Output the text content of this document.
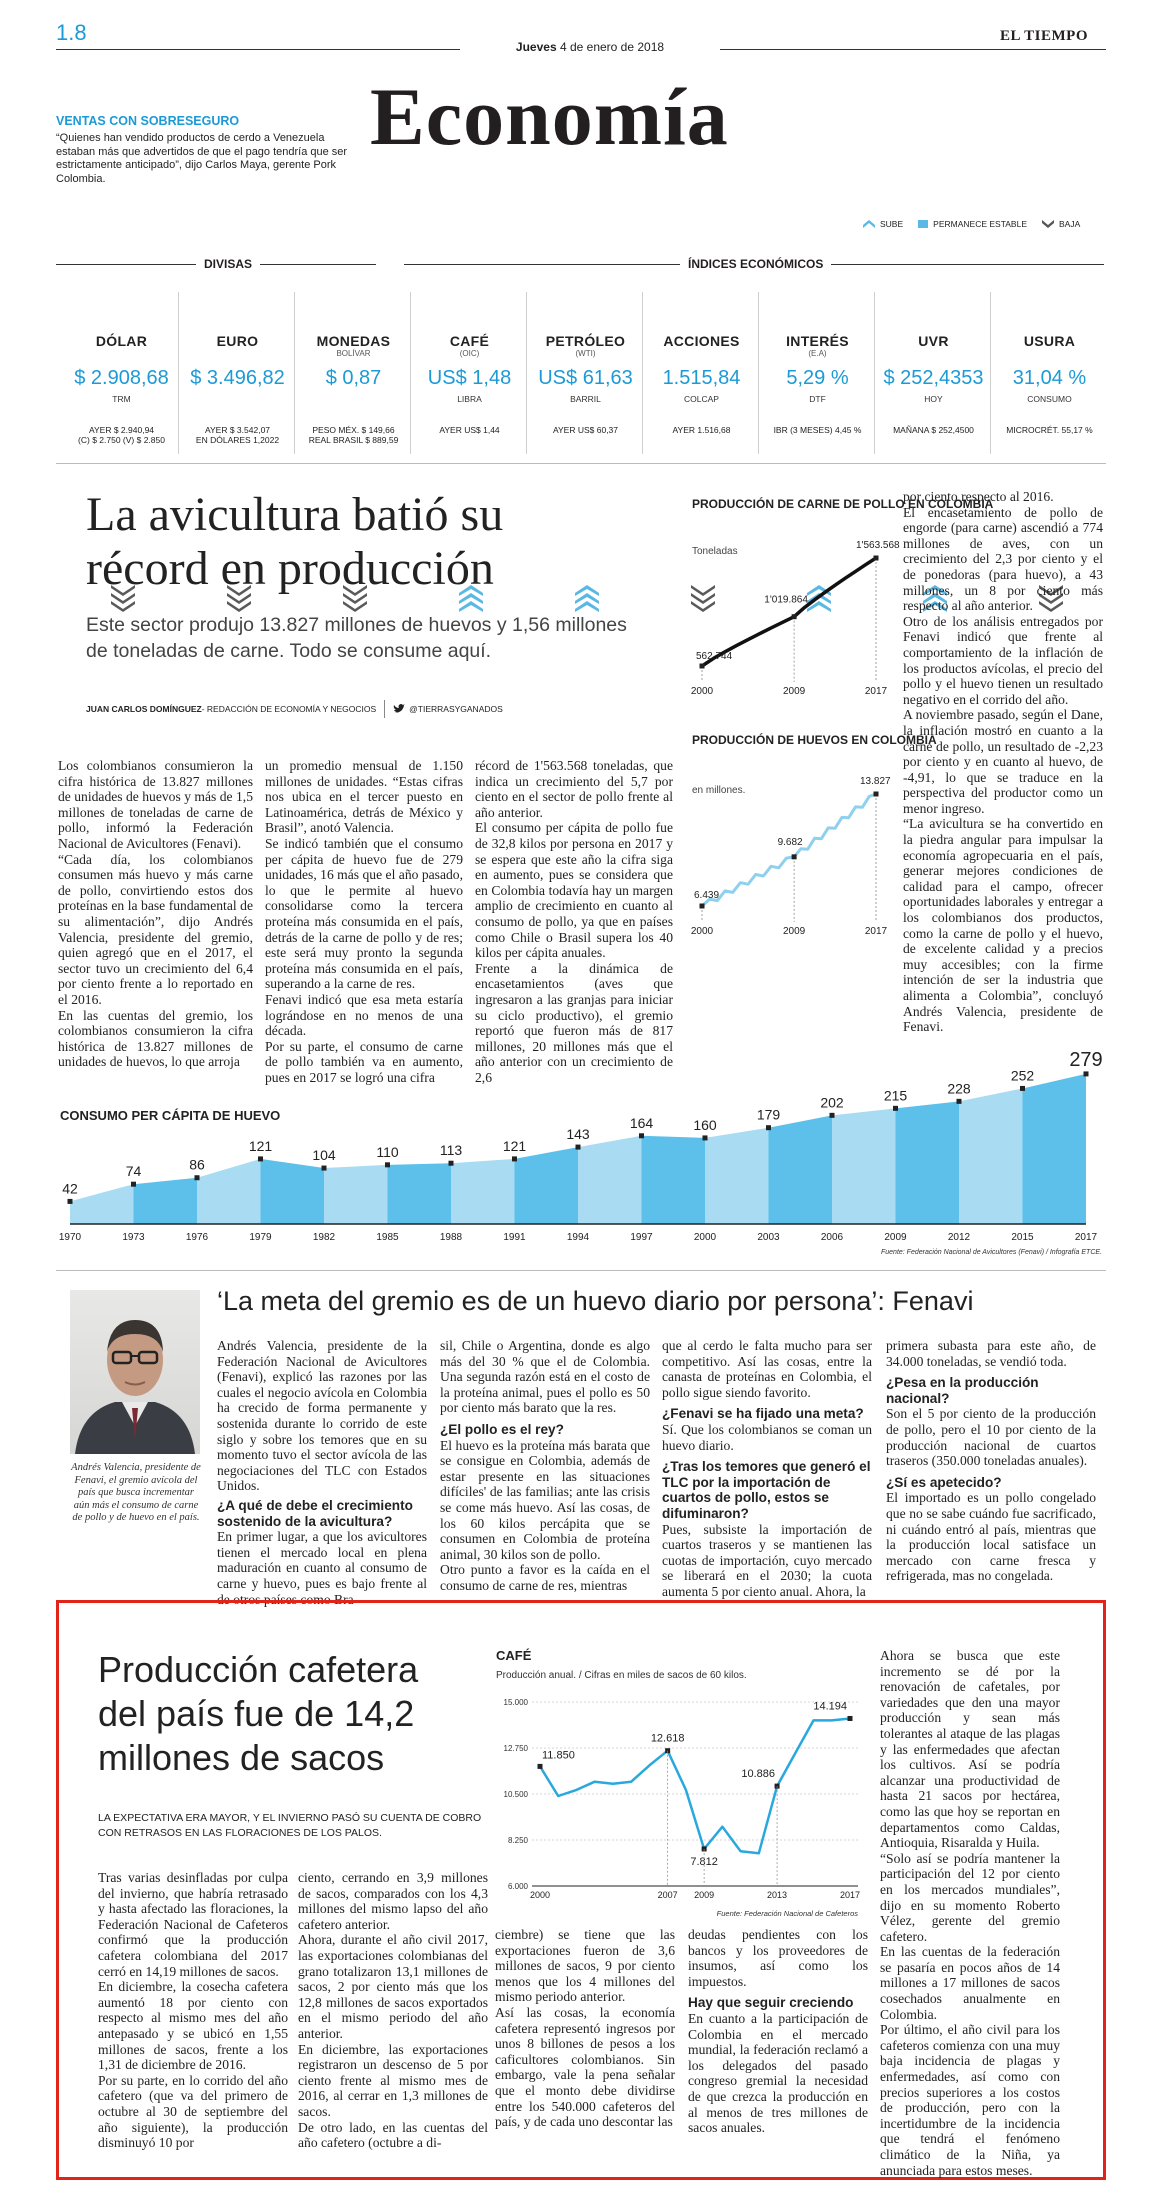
1.8
Jueves 4 de enero de 2018
EL TIEMPO
Economía
VENTAS CON SOBRESEGURO
“Quienes han vendido productos de cerdo a Venezuela estaban más que advertidos de que el pago tendría que ser estrictamente anticipado”, dijo Carlos Maya, gerente Pork Colombia.
SUBE	PERMANECE ESTABLE	BAJA
DIVISAS	ÍNDICES ECONÓMICOS
DÓLAR
$ 2.908,68
TRM
AYER $ 2.940,94
(C) $ 2.750 (V) $ 2.850
EURO
$ 3.496,82
AYER $ 3.542,07
EN DÓLARES 1,2022
MONEDAS
BOLÍVAR
$ 0,87
PESO MÉX. $ 149,66
REAL BRASIL $ 889,59
CAFÉ
(OIC)
US$ 1,48
LIBRA
AYER US$ 1,44
PETRÓLEO
(WTI)
US$ 61,63
BARRIL
AYER US$ 60,37
ACCIONES
1.515,84
COLCAP
AYER 1.516,68
INTERÉS
(E.A)
5,29 %
DTF
IBR (3 MESES) 4,45 %
UVR
$ 252,4353
HOY
MAÑANA $ 252,4500
USURA
31,04 %
CONSUMO
MICROCRÉT. 55,17 %
La avicultura batió su
récord en producción
Este sector produjo 13.827 millones de huevos y 1,56 millones de toneladas de carne. Todo se consume aquí.
JUAN CARLOS DOMÍNGUEZ - REDACCIÓN DE ECONOMÍA Y NEGOCIOS	@TIERRASYGANADOS
Los colombianos consumieron la cifra histórica de 13.827 millones de unidades de huevos y más de 1,5 millones de toneladas de carne de pollo, informó la Federación Nacional de Avicultores (Fenavi).
“Cada día, los colombianos consumen más huevo y más carne de pollo, convirtiendo estos dos proteínas en la base fundamental de su alimentación”, dijo Andrés Valencia, presidente del gremio, quien agregó que en el 2017, el sector tuvo un crecimiento del 6,4 por ciento frente a lo reportado en el 2016.
En las cuentas del gremio, los colombianos consumieron la cifra histórica de 13.827 millones de unidades de huevos, lo que arroja
un promedio mensual de 1.150 millones de unidades. “Estas cifras nos ubica en el tercer puesto en Latinoamérica, detrás de México y Brasil”, anotó Valencia.
Se indicó también que el consumo per cápita de huevo fue de 279 unidades, 16 más que el año pasado, lo que le permite al huevo consolidarse como la tercera proteína más consumida en el país, detrás de la carne de pollo y de res; este será muy pronto la segunda proteína más consumida en el país, superando a la carne de res.
Fenavi indicó que esa meta estaría lográndose en no menos de una década.
Por su parte, el consumo de carne de pollo también va en aumento, pues en 2017 se logró una cifra
récord de 1'563.568 toneladas, que indica un crecimiento del 5,7 por ciento en el sector de pollo frente al año anterior.
El consumo per cápita de pollo fue de 32,8 kilos por persona en 2017 y se espera que este año la cifra siga en aumento, pues se considera que en Colombia todavía hay un margen amplio de crecimiento en cuanto al consumo de pollo, ya que en países como Chile o Brasil supera los 40 kilos per cápita anuales.
Frente a la dinámica de encasetamientos (aves que ingresaron a las granjas para iniciar su ciclo productivo), el gremio reportó que fueron más de 817 millones, 20 millones más que el año anterior con un crecimiento de 2,6
por ciento respecto al 2016.
El encasetamiento de pollo de engorde (para carne) ascendió a 774 millones de aves, con un crecimiento del 2,3 por ciento y el de ponedoras (para huevo), a 43 millones, un 8 por ciento más respecto al año anterior.
Otro de los análisis entregados por Fenavi indicó que frente al comportamiento de la inflación de los productos avícolas, el precio del pollo y el huevo tienen un resultado negativo en el corrido del año.
A noviembre pasado, según el Dane, la inflación mostró en cuanto a la carne de pollo, un resultado de -2,23 por ciento y en cuanto al huevo, de -4,91, lo que se traduce en la perspectiva del productor como un menor ingreso.
“La avicultura se ha convertido en la piedra angular para impulsar la economía agropecuaria en el país, generar mejores condiciones de calidad para el campo, ofrecer oportunidades laborales y entregar a los colombianos dos productos, como la carne de pollo y el huevo, de excelente calidad y a precios muy accesibles; con la firme intención de ser la industria que alimenta a Colombia”, concluyó Andrés Valencia, presidente de Fenavi.
PRODUCCIÓN DE CARNE DE POLLO EN COLOMBIA
Toneladas
562.744
2000
1'019.864
2009
1'563.568
2017
PRODUCCIÓN DE HUEVOS EN COLOMBIA
en millones.
6.439
2000
9.682
2009
13.827
2017
CONSUMO PER CÁPITA DE HUEVO
42
1970
74
1973
86
1976
121
1979
104
1982
110
1985
113
1988
121
1991
143
1994
164
1997
160
2000
179
2003
202
2006
215
2009
228
2012
252
2015
279
2017
Fuente: Federación Nacional de Avicultores (Fenavi) / Infografía ETCE.
Andrés Valencia, presidente de Fenavi, el gremio avícola del país que busca incrementar aún más el consumo de carne de pollo y de huevo en el país.
‘La meta del gremio es de un huevo diario por persona’: Fenavi
Andrés Valencia, presidente de la Federación Nacional de Avicultores (Fenavi), explicó las razones por las cuales el negocio avícola en Colombia ha crecido de forma permanente y sostenida durante lo corrido de este siglo y sobre los temores que en su momento tuvo el sector avícola de las negociaciones del TLC con Estados Unidos.
¿A qué de debe el crecimiento sostenido de la avicultura?
En primer lugar, a que los avicultores tienen el mercado local en plena maduración en cuanto al consumo de carne y huevo, pues es bajo frente al de otros países como Bra-
sil, Chile o Argentina, donde es algo más del 30 % que el de Colombia. Una segunda razón está en el costo de la proteína animal, pues el pollo es 50 por ciento más barato que la res.
¿El pollo es el rey?
El huevo es la proteína más barata que se consigue en Colombia, además de estar presente en las situaciones difíciles' de las familias; ante las crisis se come más huevo. Así las cosas, de los 60 kilos percápita que se consumen en Colombia de proteína animal, 30 kilos son de pollo.
Otro punto a favor es la caída en el consumo de carne de res, mientras
que al cerdo le falta mucho para ser competitivo. Así las cosas, entre la canasta de proteínas en Colombia, el pollo sigue siendo favorito.
¿Fenavi se ha fijado una meta?
Sí. Que los colombianos se coman un huevo diario.
¿Tras los temores que generó el TLC por la importación de cuartos de pollo, estos se difuminaron?
Pues, subsiste la importación de cuartos traseros y se mantienen las cuotas de importación, cuyo mercado se liberará en el 2030; la cuota aumenta 5 por ciento anual. Ahora, la
primera subasta para este año, de 34.000 toneladas, se vendió toda.
¿Pesa en la producción nacional?
Son el 5 por ciento de la producción de pollo, pero el 10 por ciento de la producción nacional de cuartos traseros (350.000 toneladas anuales).
¿Sí es apetecido?
El importado es un pollo congelado que no se sabe cuándo fue sacrificado, ni cuándo entró al país, mientras que la producción local satisface un mercado con carne fresca y refrigerada, mas no congelada.
Producción cafetera
del país fue de 14,2
millones de sacos
LA EXPECTATIVA ERA MAYOR, Y EL INVIERNO PASÓ SU CUENTA DE COBRO CON RETRASOS EN LAS FLORACIONES DE LOS PALOS.
Tras varias desinfladas por culpa del invierno, que habría retrasado y hasta afectado las floraciones, la Federación Nacional de Cafeteros confirmó que la producción cafetera colombiana del 2017 cerró en 14,19 millones de sacos.
En diciembre, la cosecha cafetera aumentó 18 por ciento con respecto al mismo mes del año antepasado y se ubicó en 1,55 millones de sacos, frente a los 1,31 de diciembre de 2016.
Por su parte, en lo corrido del año cafetero (que va del primero de octubre al 30 de septiembre del año siguiente), la producción disminuyó 10 por
ciento, cerrando en 3,9 millones de sacos, comparados con los 4,3 millones del mismo lapso del año cafetero anterior.
Ahora, durante el año civil 2017, las exportaciones colombianas del grano totalizaron 13,1 millones de sacos, 2 por ciento más que los 12,8 millones de sacos exportados en el mismo periodo del año anterior.
En diciembre, las exportaciones registraron un descenso de 5 por ciento frente al mismo mes de 2016, al cerrar en 1,3 millones de sacos.
De otro lado, en las cuentas del año cafetero (octubre a di-
ciembre) se tiene que las exportaciones fueron de 3,6 millones de sacos, 9 por ciento menos que los 4 millones del mismo periodo anterior.
Así las cosas, la economía cafetera representó ingresos por unos 8 billones de pesos a los caficultores colombianos. Sin embargo, vale la pena señalar que el monto debe dividirse entre los 540.000 cafeteros del país, y de cada uno descontar las
deudas pendientes con los bancos y los proveedores de insumos, así como los impuestos.
Hay que seguir creciendo
En cuanto a la participación de Colombia en el mercado mundial, la federación reclamó a los delegados del pasado congreso gremial la necesidad de que crezca la producción en al menos de tres millones de sacos anuales.
Ahora se busca que este incremento se dé por la renovación de cafetales, por variedades que den una mayor producción y sean más tolerantes al ataque de las plagas y las enfermedades que afectan los cultivos. Así se podría alcanzar una productividad de hasta 21 sacos por hectárea, como las que hoy se reportan en departamentos como Caldas, Antioquia, Risaralda y Huila.
“Solo así se podría mantener la participación del 12 por ciento en los mercados mundiales”, dijo en su momento Roberto Vélez, gerente del gremio cafetero.
En las cuentas de la federación se pasaría en pocos años de 14 millones a 17 millones de sacos cosechados anualmente en Colombia.
Por último, el año civil para los cafeteros comienza con una muy baja incidencia de plagas y enfermedades, así como con precios superiores a los costos de producción, pero con la incertidumbre de la incidencia que tendrá el fenómeno climático de la Niña, ya anunciada para estos meses.
CAFÉ
Producción anual. / Cifras en miles de sacos de 60 kilos.
15.000
12.750
10.500
8.250
6.000
11.850
12.618
7.812
10.886
14.194
2000	2007 2009	2013	2017
Fuente: Federación Nacional de Cafeteros
